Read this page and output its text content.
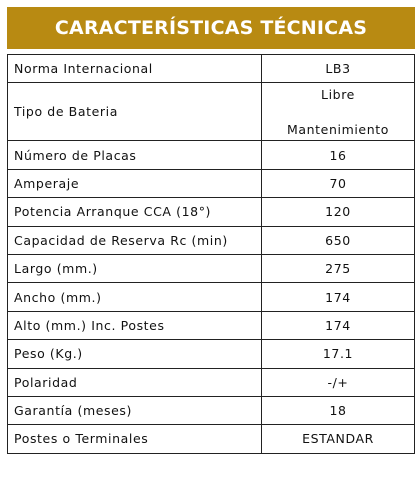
CARACTERÍSTICAS TÉCNICAS
Norma Internacional	LB3
Tipo de Bateria	Libre
Mantenimiento

Número de Placas	16
Amperaje	70
Potencia Arranque CCA (18°)	120
Capacidad de Reserva Rc (min)	650
Largo (mm.)	275
Ancho (mm.)	174
Alto (mm.) Inc. Postes	174
Peso (Kg.)	17.1
Polaridad	-/+
Garantía (meses)	18
Postes o Terminales	ESTANDAR
